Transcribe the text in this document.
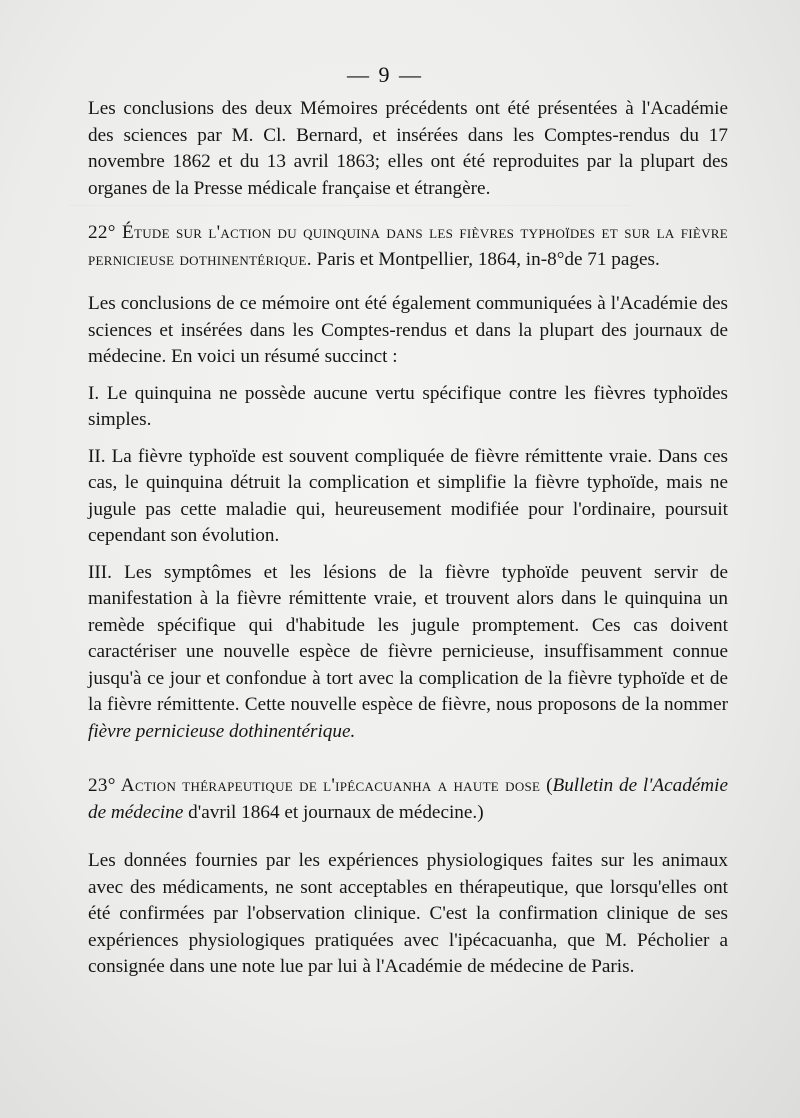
— 9 —

Les conclusions des deux Mémoires précédents ont été présentées à l'Académie des sciences par M. Cl. Bernard, et insérées dans les Comptes-rendus du 17 novembre 1862 et du 13 avril 1863; elles ont été reproduites par la plupart des organes de la Presse médicale française et étrangère.

22° Étude sur l'action du quinquina dans les fièvres typhoïdes et sur la fièvre pernicieuse dothinentérique. Paris et Montpellier, 1864, in-8°de 71 pages.

Les conclusions de ce mémoire ont été également communiquées à l'Académie des sciences et insérées dans les Comptes-rendus et dans la plupart des journaux de médecine. En voici un résumé succinct :

I. Le quinquina ne possède aucune vertu spécifique contre les fièvres typhoïdes simples.

II. La fièvre typhoïde est souvent compliquée de fièvre rémittente vraie. Dans ces cas, le quinquina détruit la complication et simplifie la fièvre typhoïde, mais ne jugule pas cette maladie qui, heureusement modifiée pour l'ordinaire, poursuit cependant son évolution.

III. Les symptômes et les lésions de la fièvre typhoïde peuvent servir de manifestation à la fièvre rémittente vraie, et trouvent alors dans le quinquina un remède spécifique qui d'habitude les jugule promptement. Ces cas doivent caractériser une nouvelle espèce de fièvre pernicieuse, insuffisamment connue jusqu'à ce jour et confondue à tort avec la complication de la fièvre typhoïde et de la fièvre rémittente. Cette nouvelle espèce de fièvre, nous proposons de la nommer fièvre pernicieuse dothinentérique.

23° Action thérapeutique de l'ipécacuanha a haute dose (Bulletin de l'Académie de médecine d'avril 1864 et journaux de médecine.)

Les données fournies par les expériences physiologiques faites sur les animaux avec des médicaments, ne sont acceptables en thérapeutique, que lorsqu'elles ont été confirmées par l'observation clinique. C'est la confirmation clinique de ses expériences physiologiques pratiquées avec l'ipécacuanha, que M. Pécholier a consignée dans une note lue par lui à l'Académie de médecine de Paris.
